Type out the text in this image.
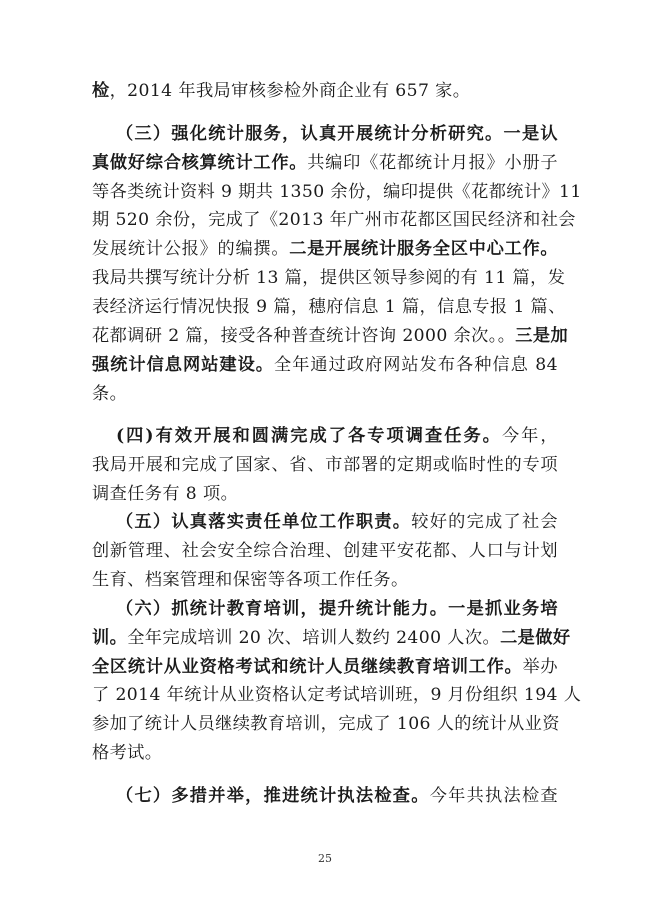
检，2014 年我局审核参检外商企业有 657 家。
（三）强化统计服务，认真开展统计分析研究。一是认
真做好综合核算统计工作。共编印《花都统计月报》小册子
等各类统计资料 9 期共 1350 余份，编印提供《花都统计》11
期 520 余份，完成了《2013 年广州市花都区国民经济和社会
发展统计公报》的编撰。二是开展统计服务全区中心工作。
我局共撰写统计分析 13 篇，提供区领导参阅的有 11 篇，发
表经济运行情况快报 9 篇，穗府信息 1 篇，信息专报 1 篇、
花都调研 2 篇，接受各种普查统计咨询 2000 余次。。三是加
强统计信息网站建设。全年通过政府网站发布各种信息 84
条。
(四)有效开展和圆满完成了各专项调查任务。今年，
我局开展和完成了国家、省、市部署的定期或临时性的专项
调查任务有 8 项。
（五）认真落实责任单位工作职责。较好的完成了社会
创新管理、社会安全综合治理、创建平安花都、人口与计划
生育、档案管理和保密等各项工作任务。
（六）抓统计教育培训，提升统计能力。一是抓业务培
训。全年完成培训 20 次、培训人数约 2400 人次。二是做好
全区统计从业资格考试和统计人员继续教育培训工作。举办
了 2014 年统计从业资格认定考试培训班，9 月份组织 194 人
参加了统计人员继续教育培训，完成了 106 人的统计从业资
格考试。
（七）多措并举，推进统计执法检查。今年共执法检查
25
